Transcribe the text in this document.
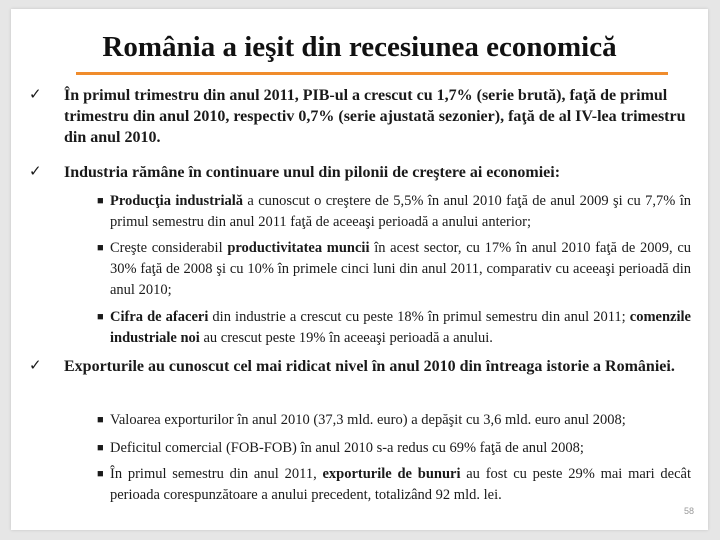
România a ieşit din recesiunea economică
✓ În primul trimestru din anul 2011, PIB-ul a crescut cu 1,7% (serie brută), faţă de primul trimestru din anul 2010, respectiv 0,7% (serie ajustată sezonier), faţă de al IV-lea trimestru din anul 2010.
✓ Industria rămâne în continuare unul din pilonii de creştere ai economiei:
■ Producţia industrială a cunoscut o creştere de 5,5% în anul 2010 faţă de anul 2009 şi cu 7,7% în primul semestru din anul 2011 faţă de aceeaşi perioadă a anului anterior;
■ Creşte considerabil productivitatea muncii în acest sector, cu 17% în anul 2010 faţă de 2009, cu 30% faţă de 2008 şi cu 10% în primele cinci luni din anul 2011, comparativ cu aceeaşi perioadă din anul 2010;
■ Cifra de afaceri din industrie a crescut cu peste 18% în primul semestru din anul 2011; comenzile industriale noi au crescut peste 19% în aceeaşi perioadă a anului.
✓ Exporturile au cunoscut cel mai ridicat nivel în anul 2010 din întreaga istorie a României.
■ Valoarea exporturilor în anul 2010 (37,3 mld. euro) a depăşit cu 3,6 mld. euro anul 2008;
■ Deficitul comercial (FOB-FOB) în anul 2010 s-a redus cu 69% faţă de anul 2008;
■ În primul semestru din anul 2011, exporturile de bunuri au fost cu peste 29% mai mari decât perioada corespunzătoare a anului precedent, totalizând 92 mld. lei.
58
